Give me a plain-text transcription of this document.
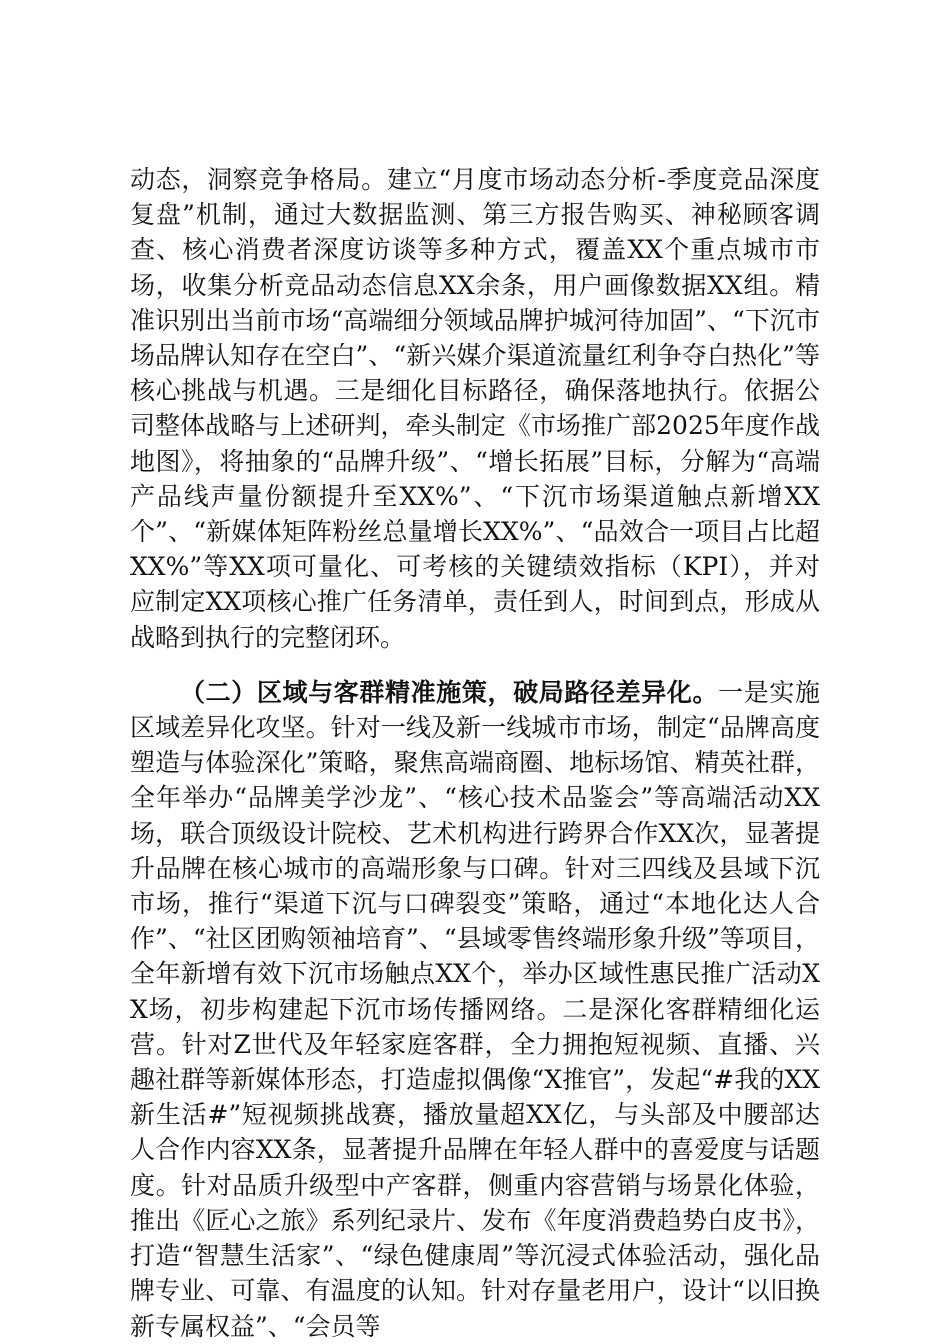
动态，洞察竞争格局。建立“月度市场动态分析-季度竞品深度复盘”机制，通过大数据监测、第三方报告购买、神秘顾客调查、核心消费者深度访谈等多种方式，覆盖XX个重点城市市场，收集分析竞品动态信息XX余条，用户画像数据XX组。精准识别出当前市场“高端细分领域品牌护城河待加固”、“下沉市场品牌认知存在空白”、“新兴媒介渠道流量红利争夺白热化”等核心挑战与机遇。三是细化目标路径，确保落地执行。依据公司整体战略与上述研判，牵头制定《市场推广部2025年度作战地图》，将抽象的“品牌升级”、“增长拓展”目标，分解为“高端产品线声量份额提升至XX%”、“下沉市场渠道触点新增XX个”、“新媒体矩阵粉丝总量增长XX%”、“品效合一项目占比超XX%”等XX项可量化、可考核的关键绩效指标（KPI），并对应制定XX项核心推广任务清单，责任到人，时间到点，形成从战略到执行的完整闭环。

（二）区域与客群精准施策，破局路径差异化。一是实施区域差异化攻坚。针对一线及新一线城市市场，制定“品牌高度塑造与体验深化”策略，聚焦高端商圈、地标场馆、精英社群，全年举办“品牌美学沙龙”、“核心技术品鉴会”等高端活动XX场，联合顶级设计院校、艺术机构进行跨界合作XX次，显著提升品牌在核心城市的高端形象与口碑。针对三四线及县域下沉市场，推行“渠道下沉与口碑裂变”策略，通过“本地化达人合作”、“社区团购领袖培育”、“县域零售终端形象升级”等项目，全年新增有效下沉市场触点XX个，举办区域性惠民推广活动XX场，初步构建起下沉市场传播网络。二是深化客群精细化运营。针对Z世代及年轻家庭客群，全力拥抱短视频、直播、兴趣社群等新媒体形态，打造虚拟偶像“X推官”，发起“#我的XX新生活#”短视频挑战赛，播放量超XX亿，与头部及中腰部达人合作内容XX条，显著提升品牌在年轻人群中的喜爱度与话题度。针对品质升级型中产客群，侧重内容营销与场景化体验，推出《匠心之旅》系列纪录片、发布《年度消费趋势白皮书》，打造“智慧生活家”、“绿色健康周”等沉浸式体验活动，强化品牌专业、可靠、有温度的认知。针对存量老用户，设计“以旧换新专属权益”、“会员等
